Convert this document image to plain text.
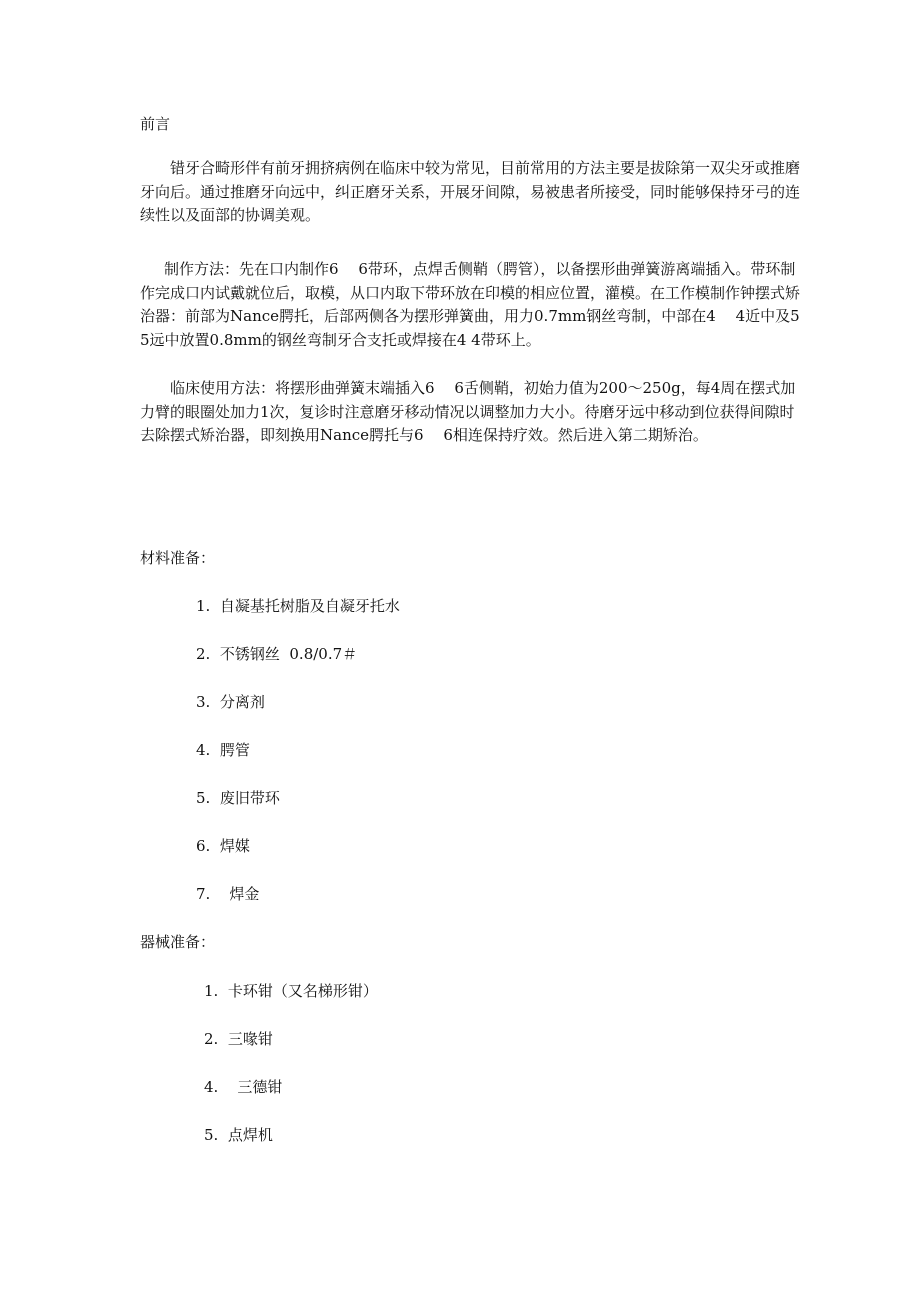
前言

错牙合畸形伴有前牙拥挤病例在临床中较为常见，目前常用的方法主要是拔除第一双尖牙或推磨牙向后。通过推磨牙向远中，纠正磨牙关系，开展牙间隙，易被患者所接受，同时能够保持牙弓的连续性以及面部的协调美观。

制作方法：先在口内制作6　 6带环，点焊舌侧鞘（腭管），以备摆形曲弹簧游离端插入。带环制作完成口内试戴就位后，取模，从口内取下带环放在印模的相应位置，灌模。在工作模制作钟摆式矫治器：前部为Nance腭托，后部两侧各为摆形弹簧曲，用力0.7mm钢丝弯制，中部在4　 4近中及5　 5远中放置0.8mm的钢丝弯制牙合支托或焊接在4 4带环上。

临床使用方法：将摆形曲弹簧末端插入6　 6舌侧鞘，初始力值为200～250g，每4周在摆式加力臂的眼圈处加力1次，复诊时注意磨牙移动情况以调整加力大小。待磨牙远中移动到位获得间隙时去除摆式矫治器，即刻换用Nance腭托与6　 6相连保持疗效。然后进入第二期矫治。

材料准备：
1.  自凝基托树脂及自凝牙托水
2.  不锈钢丝  0.8/0.7＃
3.  分离剂
4.  腭管
5.  废旧带环
6.  焊媒
7.    焊金
器械准备：
1.  卡环钳（又名梯形钳）
2.  三喙钳
4.    三德钳
5.  点焊机
